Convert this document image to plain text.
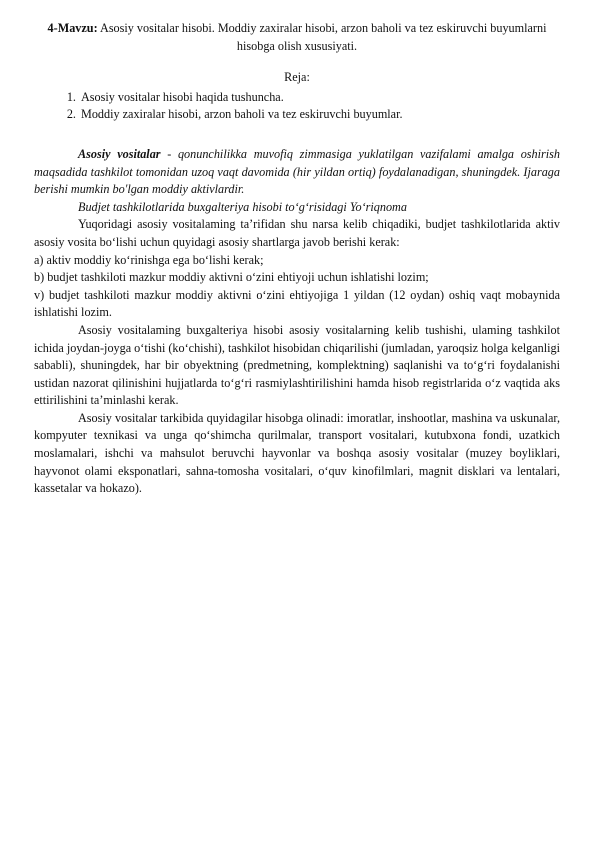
4-Mavzu: Asosiy vositalar hisobi. Moddiy zaxiralar hisobi, arzon baholi va tez eskiruvchi buyumlarni hisobga olish xususiyati.

Reja:

1. Asosiy vositalar hisobi haqida tushuncha.
2. Moddiy zaxiralar hisobi, arzon baholi va tez eskiruvchi buyumlar.

Asosiy vositalar - qonunchilikka muvofiq zimmasiga yuklatilgan vazifalami amalga oshirish maqsadida tashkilot tomonidan uzoq vaqt davomida (hir yildan ortiq) foydalanadigan, shuningdek. Ijaraga berishi mumkin bo'lgan moddiy aktivlardir.

Budjet tashkilotlarida buxgalteriya hisobi to‘g‘risidagi Yo‘riqnoma

Yuqoridagi asosiy vositalaming ta’rifidan shu narsa kelib chiqadiki, budjet tashkilotlarida aktiv asosiy vosita bo‘lishi uchun quyidagi asosiy shartlarga javob berishi kerak:

a) aktiv moddiy ko‘rinishga ega bo‘lishi kerak;

b) budjet tashkiloti mazkur moddiy aktivni o‘zini ehtiyoji uchun ishlatishi lozim;

v) budjet tashkiloti mazkur moddiy aktivni o‘zini ehtiyojiga 1 yildan (12 oydan) oshiq vaqt mobaynida ishlatishi lozim.

Asosiy vositalaming buxgalteriya hisobi asosiy vositalarning kelib tushishi, ulaming tashkilot ichida joydan-joyga o‘tishi (ko‘chishi), tashkilot hisobidan chiqarilishi (jumladan, yaroqsiz holga kelganligi sababli), shuningdek, har bir obyektning (predmetning, komplektning) saqlanishi va to‘g‘ri foydalanishi ustidan nazorat qilinishini hujjatlarda to‘g‘ri rasmiylashtirilishini hamda hisob registrlarida o‘z vaqtida aks ettirilishini ta’minlashi kerak.

Asosiy vositalar tarkibida quyidagilar hisobga olinadi: imoratlar, inshootlar, mashina va uskunalar, kompyuter texnikasi va unga qo‘shimcha qurilmalar, transport vositalari, kutubxona fondi, uzatkich moslamalari, ishchi va mahsulot beruvchi hayvonlar va boshqa asosiy vositalar (muzey boyliklari, hayvonot olami eksponatlari, sahna-tomosha vositalari, o‘quv kinofilmlari, magnit disklari va lentalari, kassetalar va hokazo).
